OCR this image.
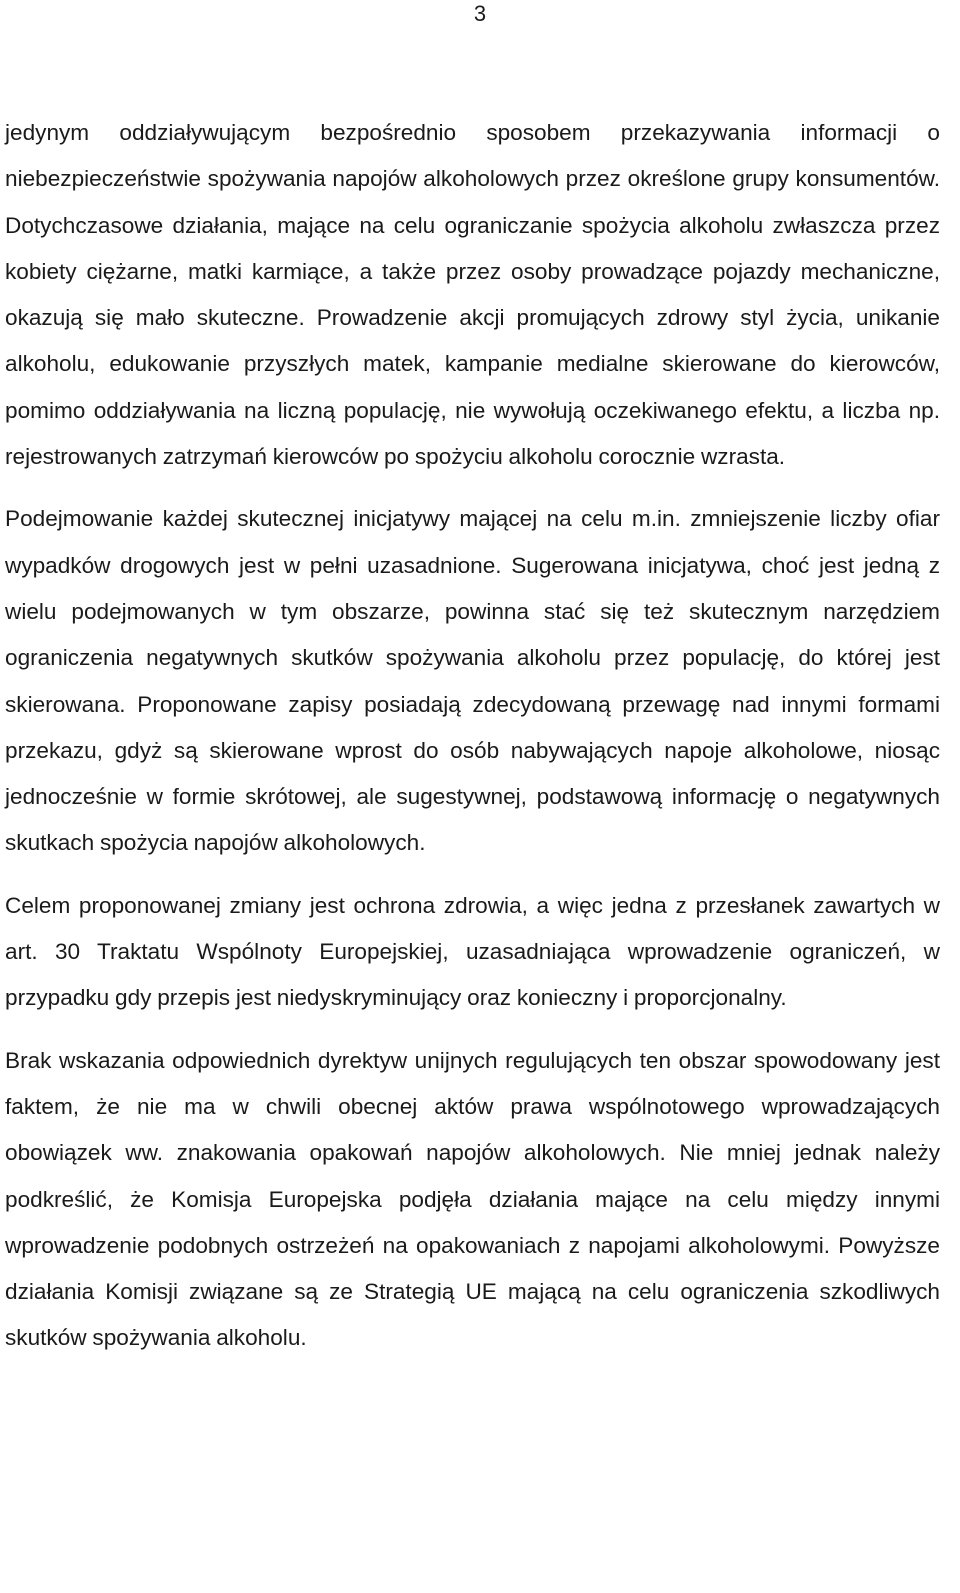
3

jedynym oddziaływującym bezpośrednio sposobem przekazywania informacji o niebezpieczeństwie spożywania napojów alkoholowych przez określone grupy konsumentów. Dotychczasowe działania, mające na celu ograniczanie spożycia alkoholu zwłaszcza przez kobiety ciężarne, matki karmiące, a także przez osoby prowadzące pojazdy mechaniczne, okazują się mało skuteczne. Prowadzenie akcji promujących zdrowy styl życia, unikanie alkoholu, edukowanie przyszłych matek, kampanie medialne skierowane do kierowców, pomimo oddziaływania na liczną populację, nie wywołują oczekiwanego efektu, a liczba np. rejestrowanych zatrzymań kierowców po spożyciu alkoholu corocznie wzrasta.

Podejmowanie każdej skutecznej inicjatywy mającej na celu m.in. zmniejszenie liczby ofiar wypadków drogowych jest w pełni uzasadnione. Sugerowana inicjatywa, choć jest jedną z wielu podejmowanych w tym obszarze, powinna stać się też skutecznym narzędziem ograniczenia negatywnych skutków spożywania alkoholu przez populację, do której jest skierowana. Proponowane zapisy posiadają zdecydowaną przewagę nad innymi formami przekazu, gdyż są skierowane wprost do osób nabywających napoje alkoholowe, niosąc jednocześnie w formie skrótowej, ale sugestywnej, podstawową informację o negatywnych skutkach spożycia napojów alkoholowych.

Celem proponowanej zmiany jest ochrona zdrowia, a więc jedna z przesłanek zawartych w art. 30 Traktatu Wspólnoty Europejskiej, uzasadniająca wprowadzenie ograniczeń, w przypadku gdy przepis jest niedyskryminujący oraz konieczny i proporcjonalny.

Brak wskazania odpowiednich dyrektyw unijnych regulujących ten obszar spowodowany jest faktem, że nie ma w chwili obecnej aktów prawa wspólnotowego wprowadzających obowiązek ww. znakowania opakowań napojów alkoholowych. Nie mniej jednak należy podkreślić, że Komisja Europejska podjęła działania mające na celu między innymi wprowadzenie podobnych ostrzeżeń na opakowaniach z napojami alkoholowymi. Powyższe działania Komisji związane są ze Strategią UE mającą na celu ograniczenia szkodliwych skutków spożywania alkoholu.
